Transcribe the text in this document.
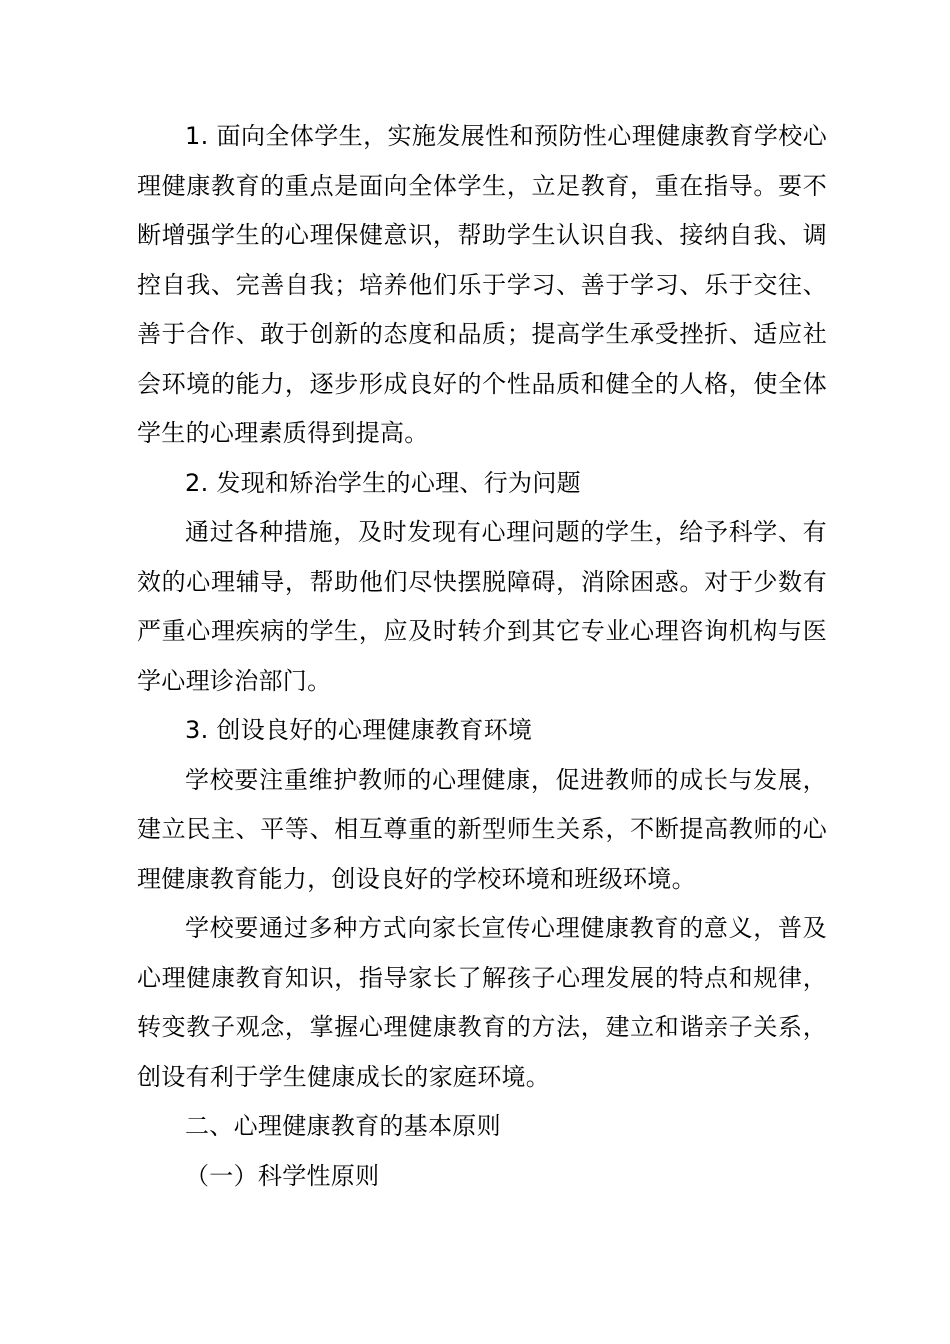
1. 面向全体学生，实施发展性和预防性心理健康教育学校心理健康教育的重点是面向全体学生，立足教育，重在指导。要不断增强学生的心理保健意识，帮助学生认识自我、接纳自我、调控自我、完善自我；培养他们乐于学习、善于学习、乐于交往、善于合作、敢于创新的态度和品质；提高学生承受挫折、适应社会环境的能力，逐步形成良好的个性品质和健全的人格，使全体学生的心理素质得到提高。

2. 发现和矫治学生的心理、行为问题

通过各种措施，及时发现有心理问题的学生，给予科学、有效的心理辅导，帮助他们尽快摆脱障碍，消除困惑。对于少数有严重心理疾病的学生，应及时转介到其它专业心理咨询机构与医学心理诊治部门。

3. 创设良好的心理健康教育环境

学校要注重维护教师的心理健康，促进教师的成长与发展，建立民主、平等、相互尊重的新型师生关系，不断提高教师的心理健康教育能力，创设良好的学校环境和班级环境。

学校要通过多种方式向家长宣传心理健康教育的意义，普及心理健康教育知识，指导家长了解孩子心理发展的特点和规律，转变教子观念，掌握心理健康教育的方法，建立和谐亲子关系，创设有利于学生健康成长的家庭环境。

二、心理健康教育的基本原则

（一）科学性原则
